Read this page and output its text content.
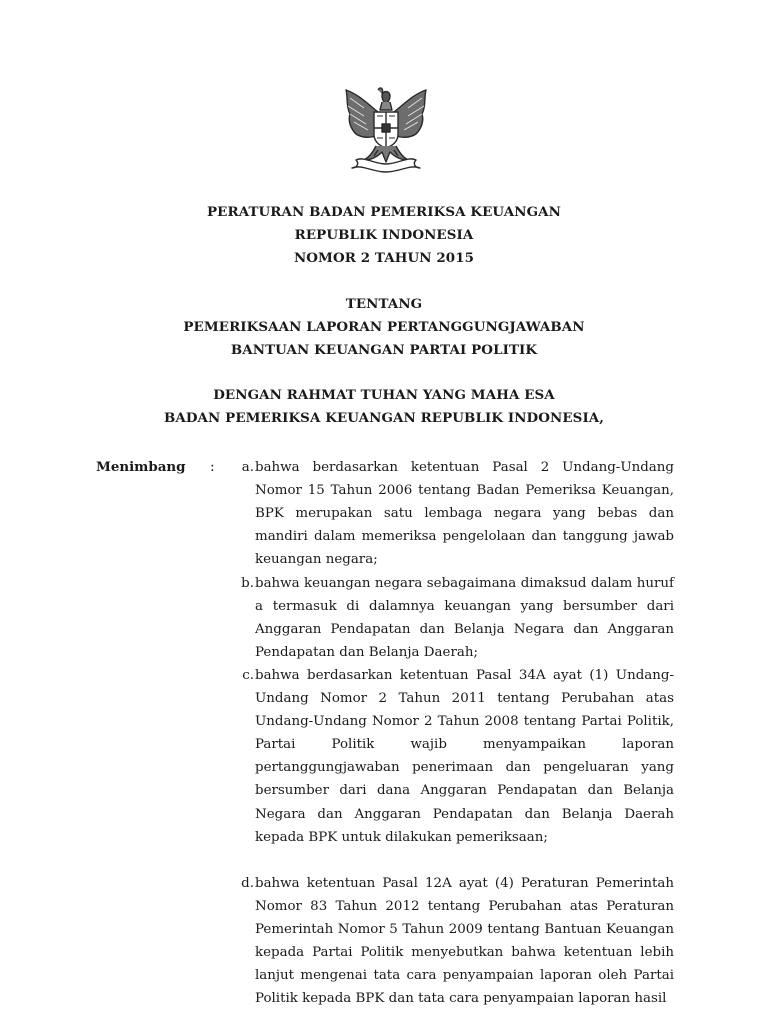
PERATURAN BADAN PEMERIKSA KEUANGAN
REPUBLIK INDONESIA
NOMOR 2 TAHUN 2015
TENTANG
PEMERIKSAAN LAPORAN PERTANGGUNGJAWABAN
BANTUAN KEUANGAN PARTAI POLITIK
DENGAN RAHMAT TUHAN YANG MAHA ESA
BADAN PEMERIKSA KEUANGAN REPUBLIK INDONESIA,
Menimbang :	a. bahwa berdasarkan ketentuan Pasal 2 Undang-Undang Nomor 15 Tahun 2006 tentang Badan Pemeriksa Keuangan, BPK merupakan satu lembaga negara yang bebas dan mandiri dalam memeriksa pengelolaan dan tanggung jawab keuangan negara;
b. bahwa keuangan negara sebagaimana dimaksud dalam huruf a termasuk di dalamnya keuangan yang bersumber dari Anggaran Pendapatan dan Belanja Negara dan Anggaran Pendapatan dan Belanja Daerah;
c. bahwa berdasarkan ketentuan Pasal 34A ayat (1) Undang-Undang Nomor 2 Tahun 2011 tentang Perubahan atas Undang-Undang Nomor 2 Tahun 2008 tentang Partai Politik, Partai Politik wajib menyampaikan laporan pertanggungjawaban penerimaan dan pengeluaran yang bersumber dari dana Anggaran Pendapatan dan Belanja Negara dan Anggaran Pendapatan dan Belanja Daerah kepada BPK untuk dilakukan pemeriksaan;
d. bahwa ketentuan Pasal 12A ayat (4) Peraturan Pemerintah Nomor 83 Tahun 2012 tentang Perubahan atas Peraturan Pemerintah Nomor 5 Tahun 2009 tentang Bantuan Keuangan kepada Partai Politik menyebutkan bahwa ketentuan lebih lanjut mengenai tata cara penyampaian laporan oleh Partai Politik kepada BPK dan tata cara penyampaian laporan hasil
